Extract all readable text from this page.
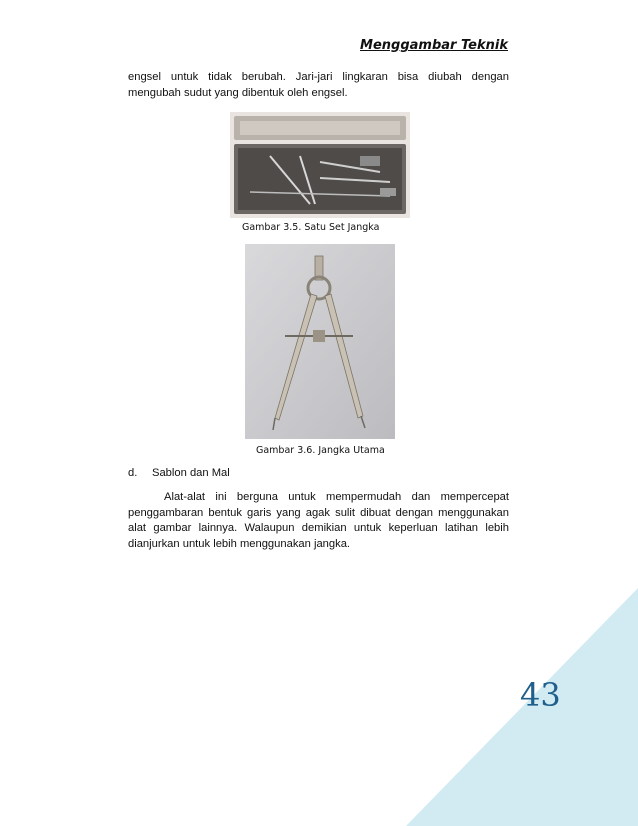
Menggambar Teknik

engsel untuk tidak berubah. Jari-jari lingkaran bisa diubah dengan mengubah sudut yang dibentuk oleh engsel.

Gambar 3.5. Satu Set Jangka
Gambar 3.6. Jangka Utama
d. Sablon dan Mal

Alat-alat ini berguna untuk mempermudah dan mempercepat penggambaran bentuk garis yang agak sulit dibuat dengan menggunakan alat gambar lainnya. Walaupun demikian untuk keperluan latihan lebih dianjurkan untuk lebih menggunakan jangka.

43
